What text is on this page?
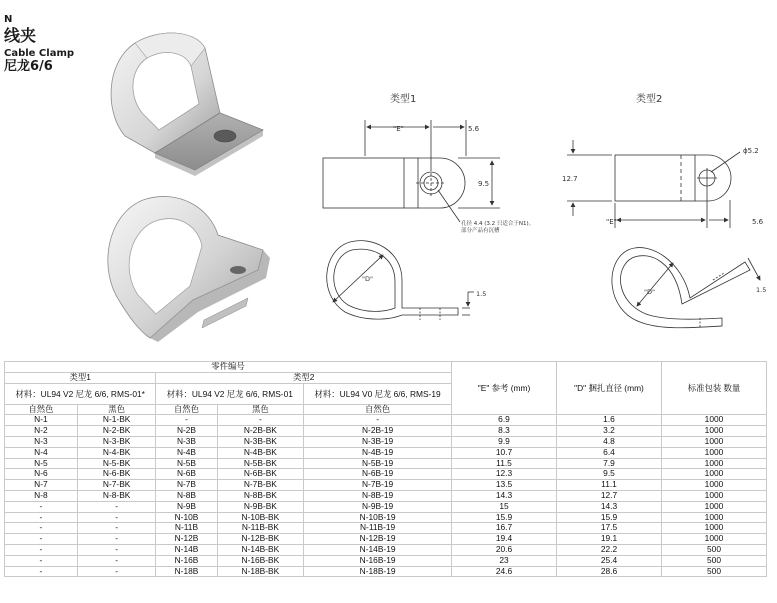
N
线夹
Cable Clamp
尼龙6/6
类型1
"E"	5.6
9.5
孔径 4.4 (3.2 只适合于N1)。
部分产品有沉槽
"D"
1.5
类型2
ϕ5.2
12.7
"E"	5.6
"D"	1.5
零件编号					"E" 参考 (mm)	"D" 捆扎直径 (mm)	标准包装 数量
类型1		类型2					
材料：UL94 V2 尼龙 6/6, RMS-01*		材料：UL94 V2 尼龙 6/6, RMS-01		材料：UL94 V0 尼龙 6/6, RMS-19			
自然色	黑色	自然色	黑色	自然色			
N-1	N-1-BK	-	-	-	6.9	1.6	1000
N-2	N-2-BK	N-2B	N-2B-BK	N-2B-19	8.3	3.2	1000
N-3	N-3-BK	N-3B	N-3B-BK	N-3B-19	9.9	4.8	1000
N-4	N-4-BK	N-4B	N-4B-BK	N-4B-19	10.7	6.4	1000
N-5	N-5-BK	N-5B	N-5B-BK	N-5B-19	11.5	7.9	1000
N-6	N-6-BK	N-6B	N-6B-BK	N-6B-19	12.3	9.5	1000
N-7	N-7-BK	N-7B	N-7B-BK	N-7B-19	13.5	11.1	1000
N-8	N-8-BK	N-8B	N-8B-BK	N-8B-19	14.3	12.7	1000
-	-	N-9B	N-9B-BK	N-9B-19	15	14.3	1000
-	-	N-10B	N-10B-BK	N-10B-19	15.9	15.9	1000
-	-	N-11B	N-11B-BK	N-11B-19	16.7	17.5	1000
-	-	N-12B	N-12B-BK	N-12B-19	19.4	19.1	1000
-	-	N-14B	N-14B-BK	N-14B-19	20.6	22.2	500
-	-	N-16B	N-16B-BK	N-16B-19	23	25.4	500
-	-	N-18B	N-18B-BK	N-18B-19	24.6	28.6	500
